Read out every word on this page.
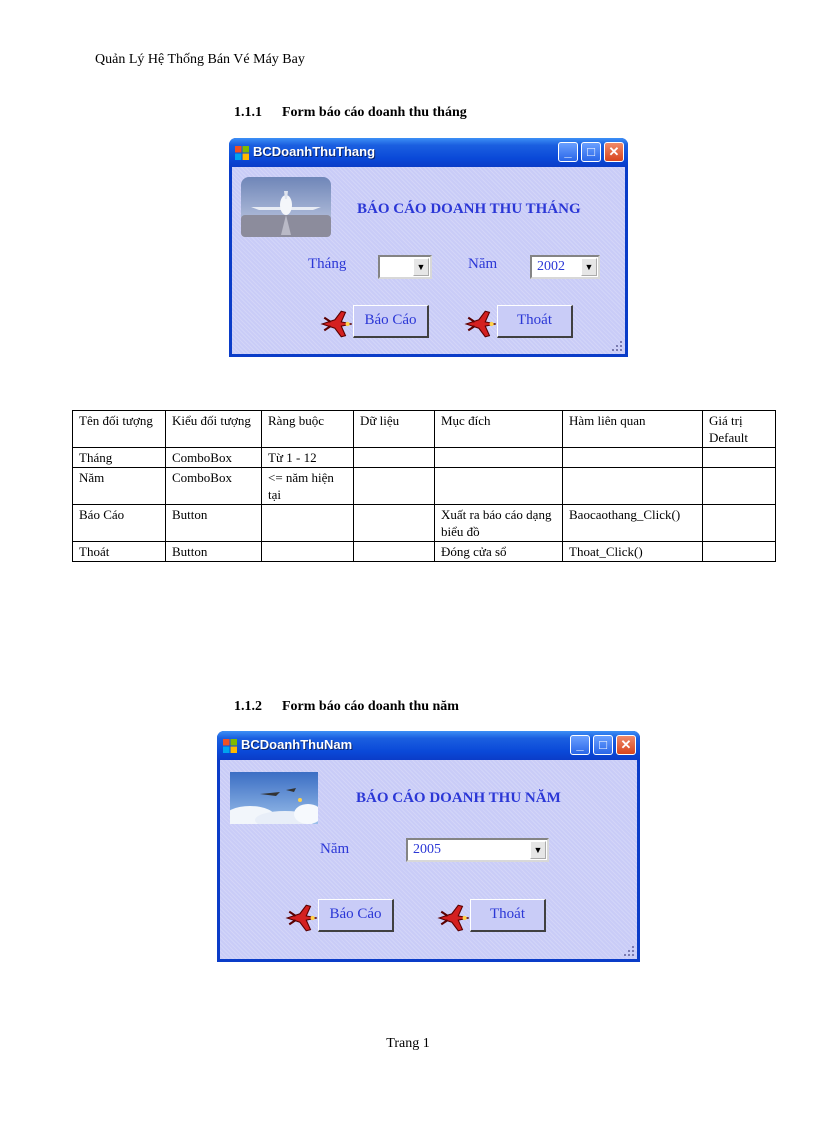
Quản Lý Hệ Thống Bán Vé Máy Bay
1.1.1 Form báo cáo doanh thu tháng
BCDoanhThuThang	_	□	✕
BÁO CÁO DOANH THU THÁNG
Tháng	▼	Năm	2002	▼
Báo Cáo	Thoát
Tên đối tượng	Kiểu đối tượng	Ràng buộc	Dữ liệu	Mục đích	Hàm liên quan	Giá trị Default
Tháng	ComboBox	Từ 1 - 12				
Năm	ComboBox	<= năm hiện tại				
Báo Cáo	Button			Xuất ra báo cáo dạng biểu đồ	Baocaothang_Click()	
Thoát	Button			Đóng cửa sổ	Thoat_Click()	
1.1.2 Form báo cáo doanh thu năm
BCDoanhThuNam	_	□	✕
BÁO CÁO DOANH THU NĂM
Năm	2005	▼
Báo Cáo	Thoát
Trang 1
